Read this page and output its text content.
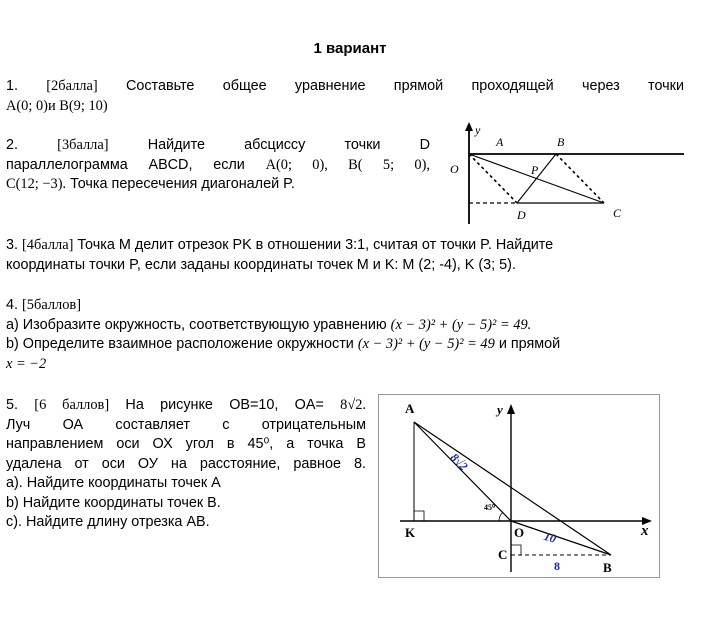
1 вариант
1. [2балла] Составьте общее уравнение прямой проходящей через точки
A(0; 0)и B(9; 10)
2.	[3балла]	Найдите	абсциссу	точки	D
параллелограмма ABCD, если A(0; 0), B( 5; 0),
C(12; −3). Точка пересечения диагоналей P.
y
A	B
O	P
D	C
3. [4балла] Точка M делит отрезок PK в отношении 3:1, считая от точки P. Найдите
координаты точки P, если заданы координаты точек M и K: M (2; -4), K (3; 5).
4. [5баллов]
а) Изобразите окружность, соответствующую уравнению (x − 3)² + (y − 5)² = 49.
b) Определите взаимное расположение окружности (x − 3)² + (y − 5)² = 49 и прямой
x = −2
5. [6 баллов] На рисунке OB=10, OA= 8√2.
Луч ОА составляет с отрицательным
направлением оси ОХ угол в 45⁰, а точка В
удалена от оси ОУ на расстояние, равное 8.
а). Найдите координаты точек A
b) Найдите координаты точек B.
c). Найдите длину отрезка АВ.
A	y
x
K	O
C
B
8√2
45⁰
10
8
